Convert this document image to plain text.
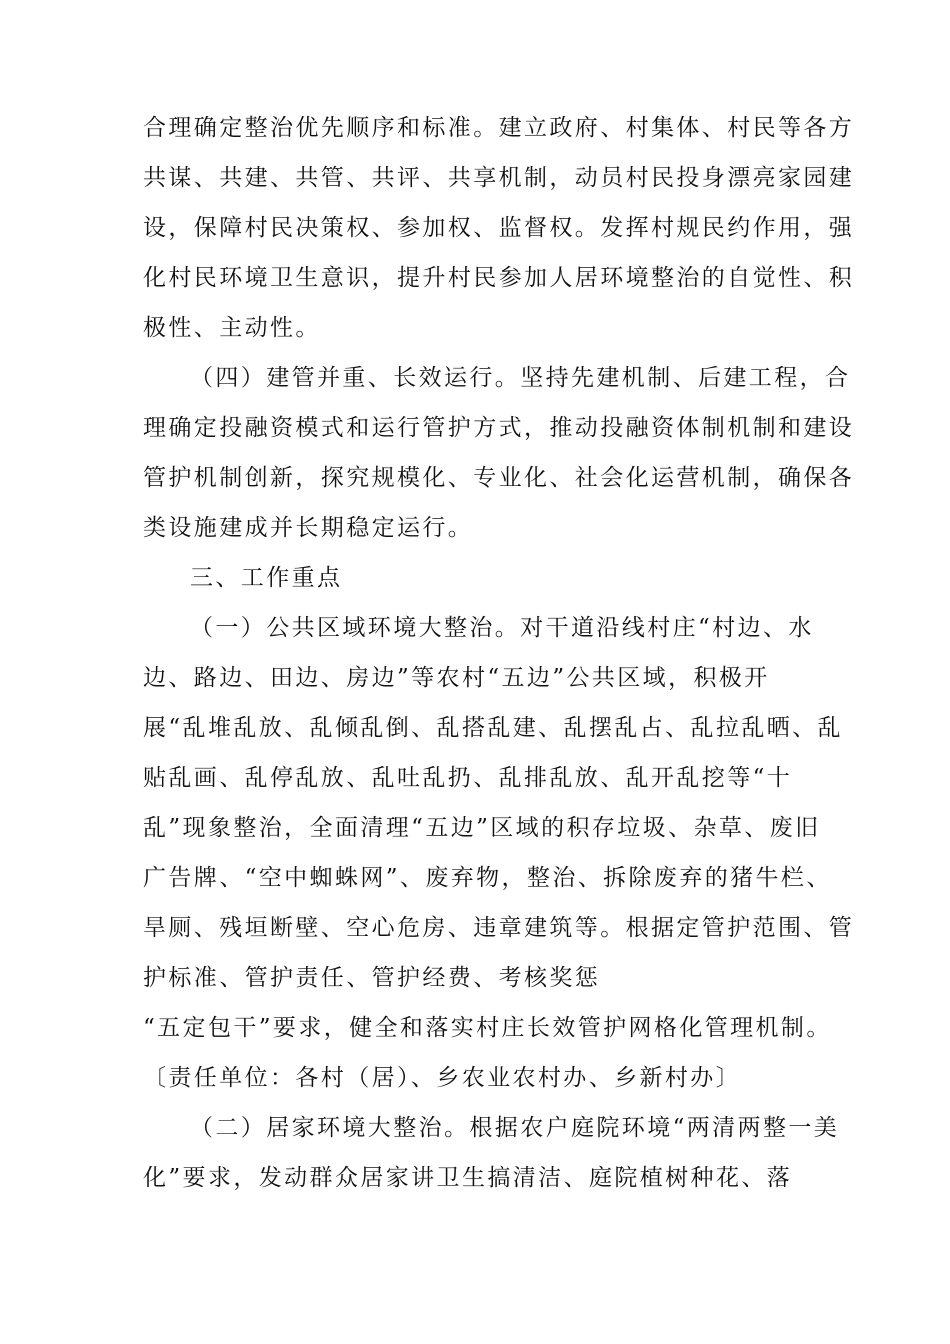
合理确定整治优先顺序和标准。建立政府、村集体、村民等各方
共谋、共建、共管、共评、共享机制，动员村民投身漂亮家园建
设，保障村民决策权、参加权、监督权。发挥村规民约作用，强
化村民环境卫生意识，提升村民参加人居环境整治的自觉性、积
极性、主动性。
（四）建管并重、长效运行。坚持先建机制、后建工程，合
理确定投融资模式和运行管护方式，推动投融资体制机制和建设
管护机制创新，探究规模化、专业化、社会化运营机制，确保各
类设施建成并长期稳定运行。
三、工作重点
（一）公共区域环境大整治。对干道沿线村庄“村边、水
边、路边、田边、房边”等农村“五边”公共区域，积极开
展“乱堆乱放、乱倾乱倒、乱搭乱建、乱摆乱占、乱拉乱晒、乱
贴乱画、乱停乱放、乱吐乱扔、乱排乱放、乱开乱挖等“十
乱”现象整治，全面清理“五边”区域的积存垃圾、杂草、废旧
广告牌、“空中蜘蛛网”、废弃物，整治、拆除废弃的猪牛栏、
旱厕、残垣断壁、空心危房、违章建筑等。根据定管护范围、管
护标准、管护责任、管护经费、考核奖惩
“五定包干”要求，健全和落实村庄长效管护网格化管理机制。
〔责任单位：各村（居）、乡农业农村办、乡新村办〕
（二）居家环境大整治。根据农户庭院环境“两清两整一美
化”要求，发动群众居家讲卫生搞清洁、庭院植树种花、落
